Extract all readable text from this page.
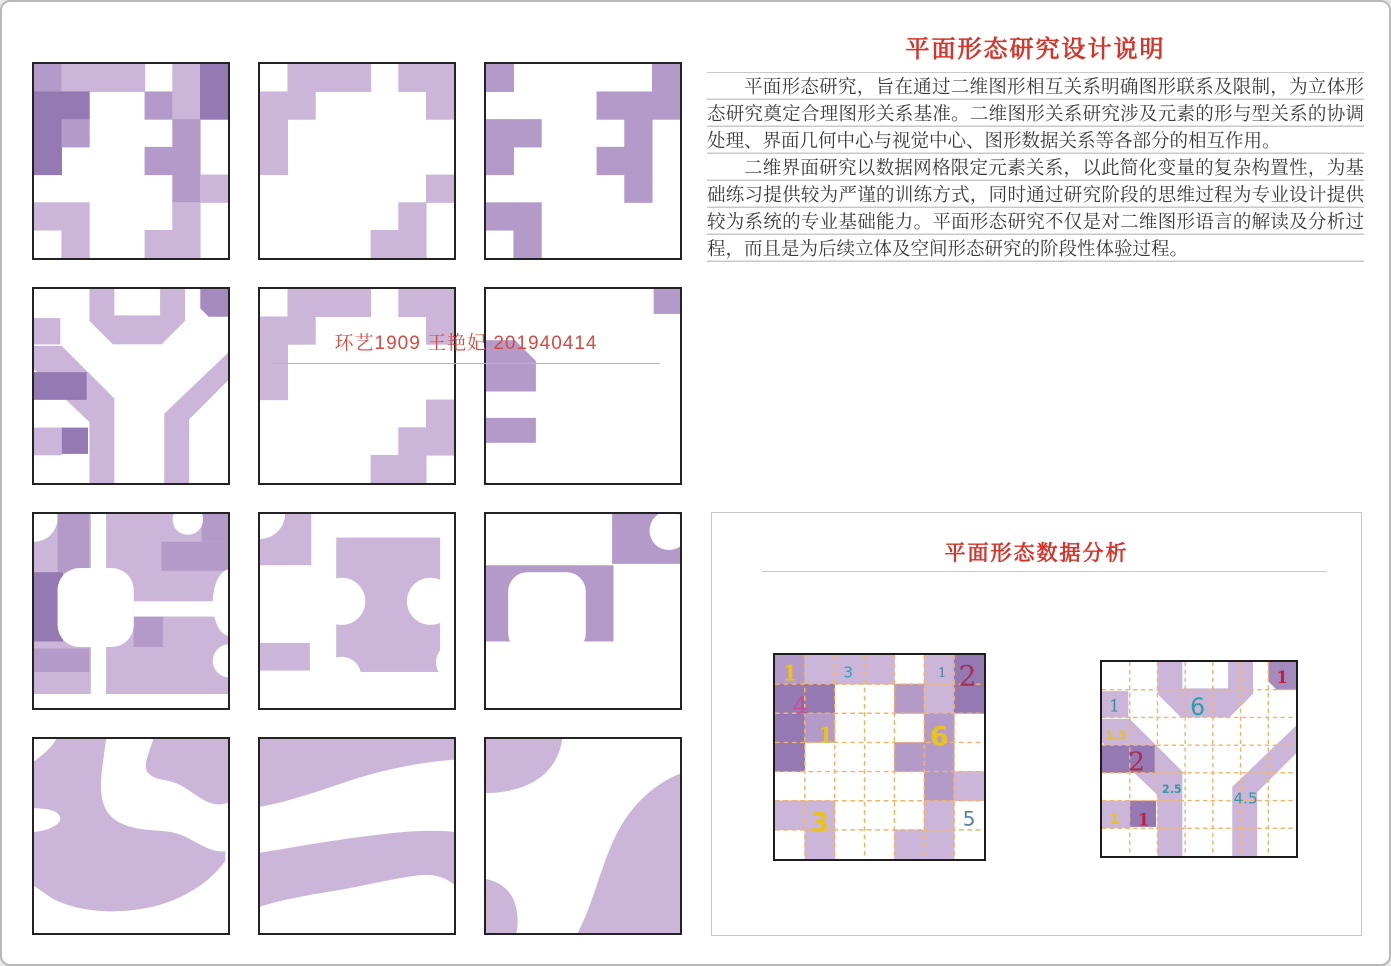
平面形态研究设计说明

平面形态研究，旨在通过二维图形相互关系明确图形联系及限制，为立体形态研究奠定合理图形关系基准。二维图形关系研究涉及元素的形与型关系的协调处理、界面几何中心与视觉中心、图形数据关系等各部分的相互作用。

二维界面研究以数据网格限定元素关系，以此简化变量的复杂构置性，为基础练习提供较为严谨的训练方式，同时通过研究阶段的思维过程为专业设计提供较为系统的专业基础能力。平面形态研究不仅是对二维图形语言的解读及分析过程，而且是为后续立体及空间形态研究的阶段性体验过程。

环艺1909 王艳妃 201940414
平面形态数据分析
